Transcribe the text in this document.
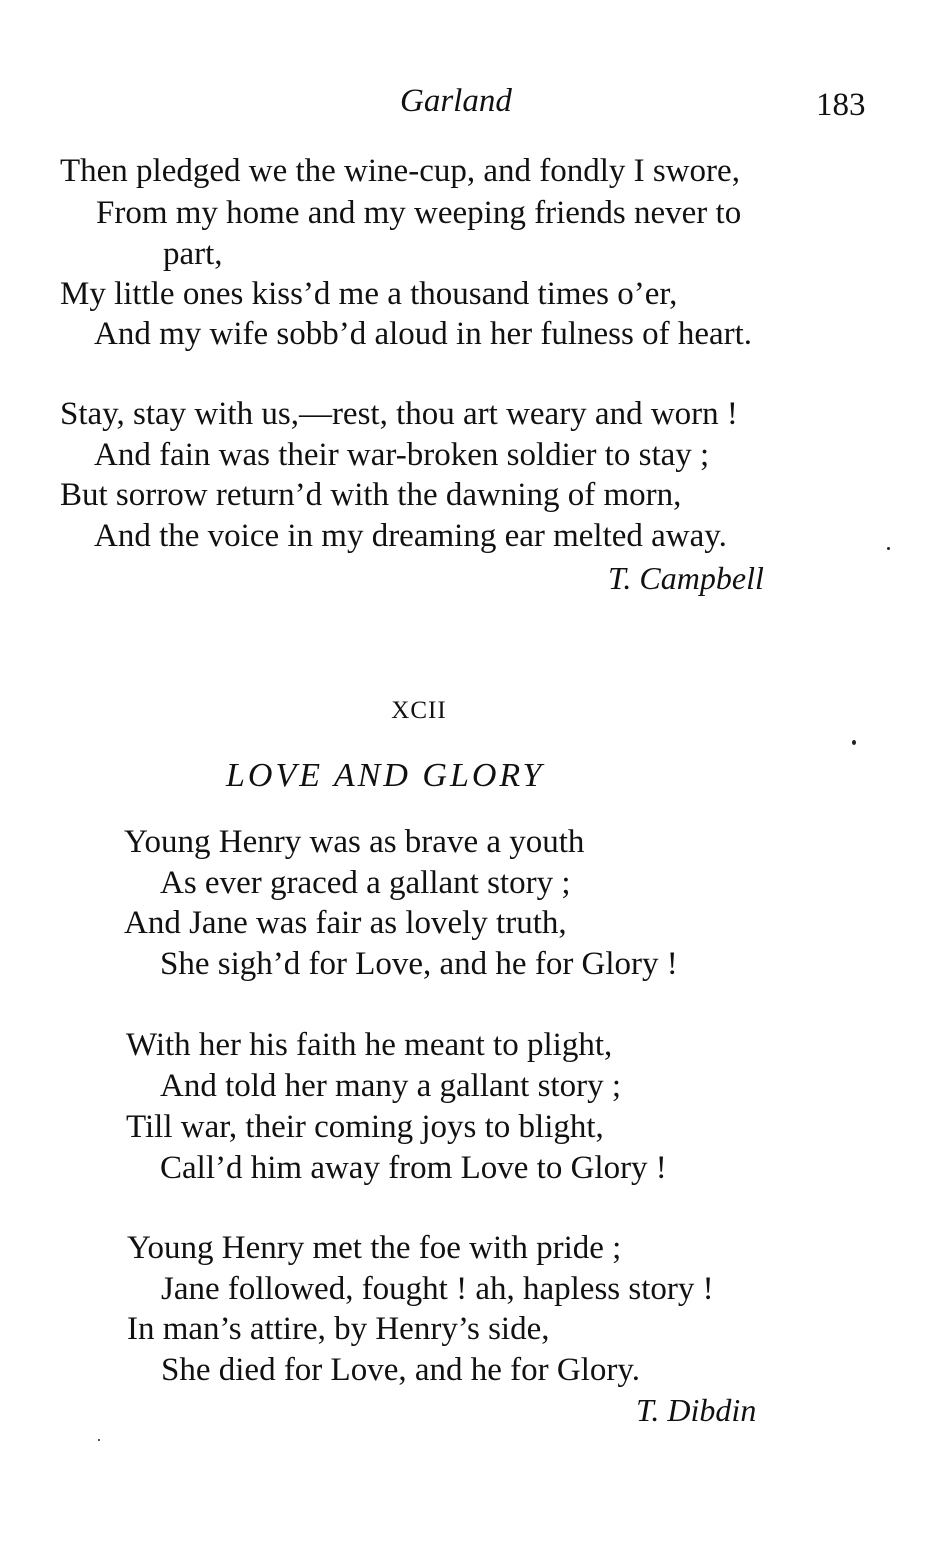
Garland	183
Then pledged we the wine-cup, and fondly I swore,
From my home and my weeping friends never to
part,
My little ones kiss’d me a thousand times o’er,
And my wife sobb’d aloud in her fulness of heart.
Stay, stay with us,—rest, thou art weary and worn !
And fain was their war-broken soldier to stay ;
But sorrow return’d with the dawning of morn,
And the voice in my dreaming ear melted away.
T. Campbell
XCII
LOVE AND GLORY
Young Henry was as brave a youth
As ever graced a gallant story ;
And Jane was fair as lovely truth,
She sigh’d for Love, and he for Glory !
With her his faith he meant to plight,
And told her many a gallant story ;
Till war, their coming joys to blight,
Call’d him away from Love to Glory !
Young Henry met the foe with pride ;
Jane followed, fought ! ah, hapless story !
In man’s attire, by Henry’s side,
She died for Love, and he for Glory.
T. Dibdin
